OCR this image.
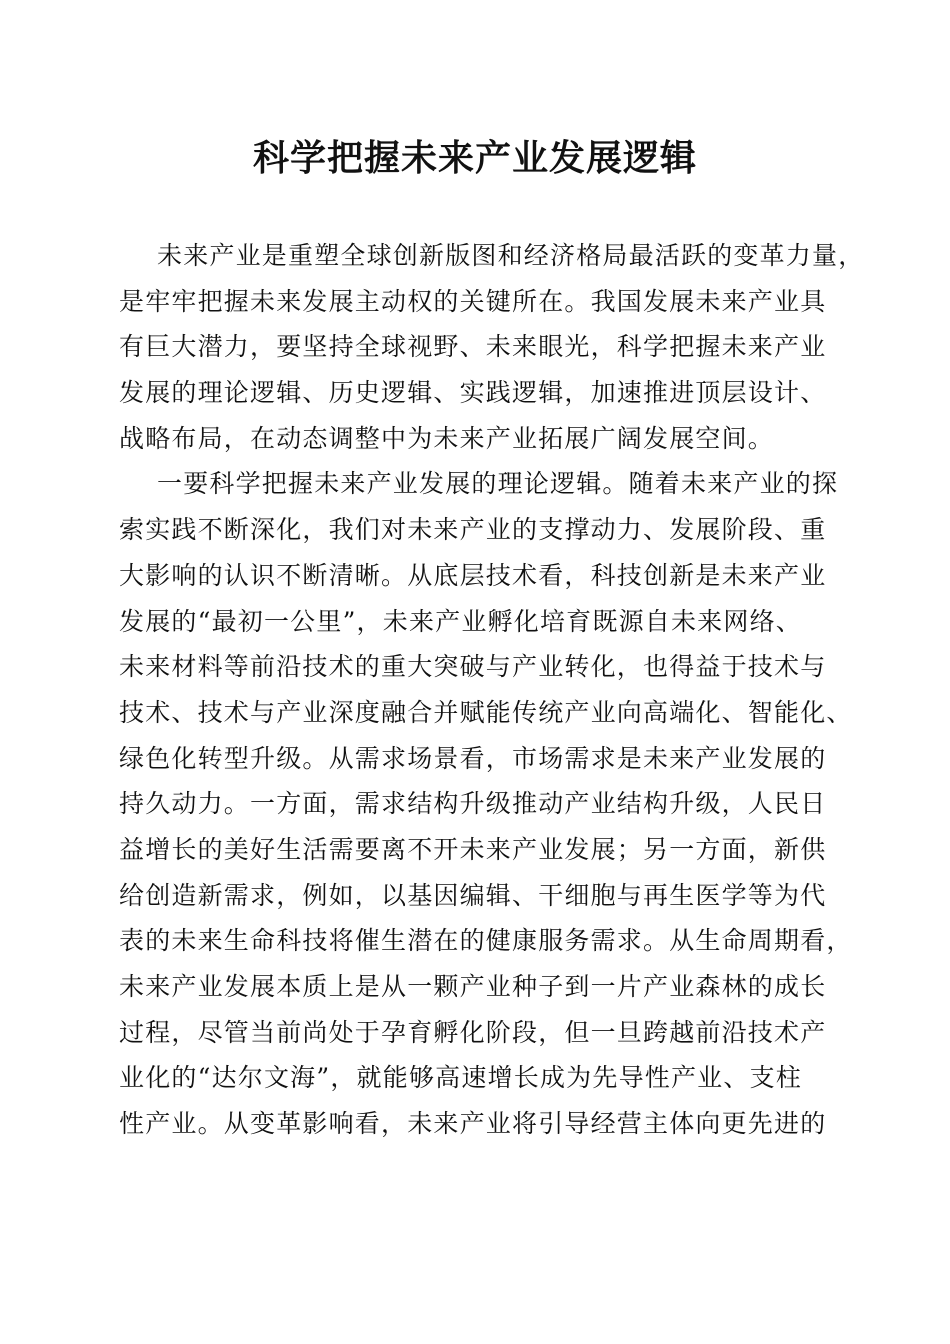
科学把握未来产业发展逻辑
未来产业是重塑全球创新版图和经济格局最活跃的变革力量，
是牢牢把握未来发展主动权的关键所在。我国发展未来产业具
有巨大潜力，要坚持全球视野、未来眼光，科学把握未来产业
发展的理论逻辑、历史逻辑、实践逻辑，加速推进顶层设计、
战略布局，在动态调整中为未来产业拓展广阔发展空间。
一要科学把握未来产业发展的理论逻辑。随着未来产业的探
索实践不断深化，我们对未来产业的支撑动力、发展阶段、重
大影响的认识不断清晰。从底层技术看，科技创新是未来产业
发展的“最初一公里”，未来产业孵化培育既源自未来网络、
未来材料等前沿技术的重大突破与产业转化，也得益于技术与
技术、技术与产业深度融合并赋能传统产业向高端化、智能化、
绿色化转型升级。从需求场景看，市场需求是未来产业发展的
持久动力。一方面，需求结构升级推动产业结构升级，人民日
益增长的美好生活需要离不开未来产业发展；另一方面，新供
给创造新需求，例如，以基因编辑、干细胞与再生医学等为代
表的未来生命科技将催生潜在的健康服务需求。从生命周期看，
未来产业发展本质上是从一颗产业种子到一片产业森林的成长
过程，尽管当前尚处于孕育孵化阶段，但一旦跨越前沿技术产
业化的“达尔文海”，就能够高速增长成为先导性产业、支柱
性产业。从变革影响看，未来产业将引导经营主体向更先进的
